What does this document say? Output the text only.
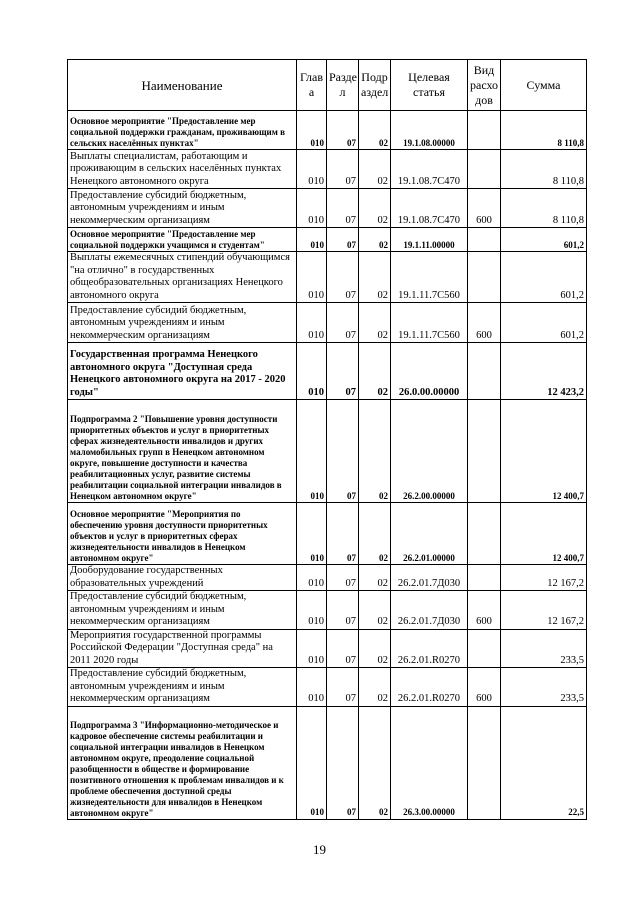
Наименование	Глав а	Разде л	Подр аздел	Целевая статья	Вид расхо дов	Сумма
Основное мероприятие "Предоставление мер социальной поддержки гражданам, проживающим в сельских населённых пунктах"	010	07	02	19.1.08.00000		8 110,8
Выплаты специалистам, работающим и проживающим в сельских населённых пунктах Ненецкого автономного округа	010	07	02	19.1.08.7С470		8 110,8
Предоставление субсидий бюджетным, автономным учреждениям и иным некоммерческим организациям	010	07	02	19.1.08.7С470	600	8 110,8
Основное мероприятие "Предоставление мер социальной поддержки учащимся и студентам"	010	07	02	19.1.11.00000		601,2
Выплаты ежемесячных стипендий обучающимся "на отлично" в государственных общеобразовательных организациях Ненецкого автономного округа	010	07	02	19.1.11.7С560		601,2
Предоставление субсидий бюджетным, автономным учреждениям и иным некоммерческим организациям	010	07	02	19.1.11.7С560	600	601,2
Государственная программа Ненецкого автономного округа "Доступная среда Ненецкого автономного округа на 2017 - 2020 годы"	010	07	02	26.0.00.00000		12 423,2
Подпрограмма 2 "Повышение уровня доступности приоритетных объектов и услуг в приоритетных сферах жизнедеятельности инвалидов и других маломобильных групп в Ненецком автономном округе, повышение доступности и качества реабилитационных услуг, развитие системы реабилитации социальной интеграции инвалидов в Ненецком автономном округе"	010	07	02	26.2.00.00000		12 400,7
Основное мероприятие "Мероприятия по обеспечению уровня доступности приоритетных объектов и услуг в приоритетных сферах жизнедеятельности инвалидов в Ненецком автономном округе"	010	07	02	26.2.01.00000		12 400,7
Дооборудование государственных образовательных учреждений	010	07	02	26.2.01.7Д030		12 167,2
Предоставление субсидий бюджетным, автономным учреждениям и иным некоммерческим организациям	010	07	02	26.2.01.7Д030	600	12 167,2
Мероприятия государственной программы Российской Федерации "Доступная среда" на 2011 2020 годы	010	07	02	26.2.01.R0270		233,5
Предоставление субсидий бюджетным, автономным учреждениям и иным некоммерческим организациям	010	07	02	26.2.01.R0270	600	233,5
Подпрограмма 3 "Информационно-методическое и кадровое обеспечение системы реабилитации и социальной интеграции инвалидов в Ненецком автономном округе, преодоление социальной разобщенности в обществе и формирование позитивного отношения к проблемам инвалидов и к проблеме обеспечения доступной среды жизнедеятельности для инвалидов в Ненецком автономном округе"	010	07	02	26.3.00.00000		22,5
19
